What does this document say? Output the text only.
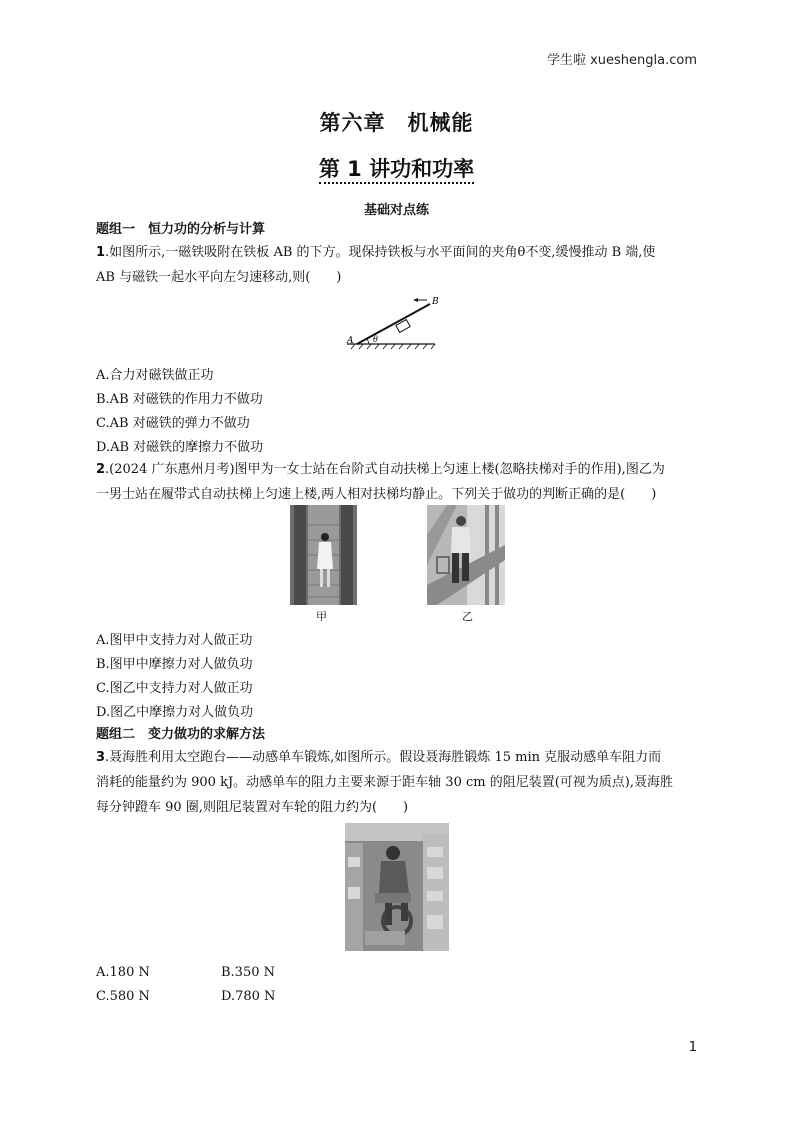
学生啦 xueshengla.com
第六章　机械能
第 1 讲功和功率
基础对点练
题组一　恒力功的分析与计算
1.如图所示,一磁铁吸附在铁板 AB 的下方。现保持铁板与水平面间的夹角θ不变,缓慢推动 B 端,使
AB 与磁铁一起水平向左匀速移动,则(　　)
A
B
θ
A.合力对磁铁做正功
B.AB 对磁铁的作用力不做功
C.AB 对磁铁的弹力不做功
D.AB 对磁铁的摩擦力不做功
2.(2024 广东惠州月考)图甲为一女士站在台阶式自动扶梯上匀速上楼(忽略扶梯对手的作用),图乙为
一男士站在履带式自动扶梯上匀速上楼,两人相对扶梯均静止。下列关于做功的判断正确的是(　　)
甲	乙
A.图甲中支持力对人做正功
B.图甲中摩擦力对人做负功
C.图乙中支持力对人做正功
D.图乙中摩擦力对人做负功
题组二　变力做功的求解方法
3.聂海胜利用太空跑台——动感单车锻炼,如图所示。假设聂海胜锻炼 15 min 克服动感单车阻力而
消耗的能量约为 900 kJ。动感单车的阻力主要来源于距车轴 30 cm 的阻尼装置(可视为质点),聂海胜
每分钟蹬车 90 圈,则阻尼装置对车轮的阻力约为(　　)
A.180 N	B.350 N
C.580 N	D.780 N
1
